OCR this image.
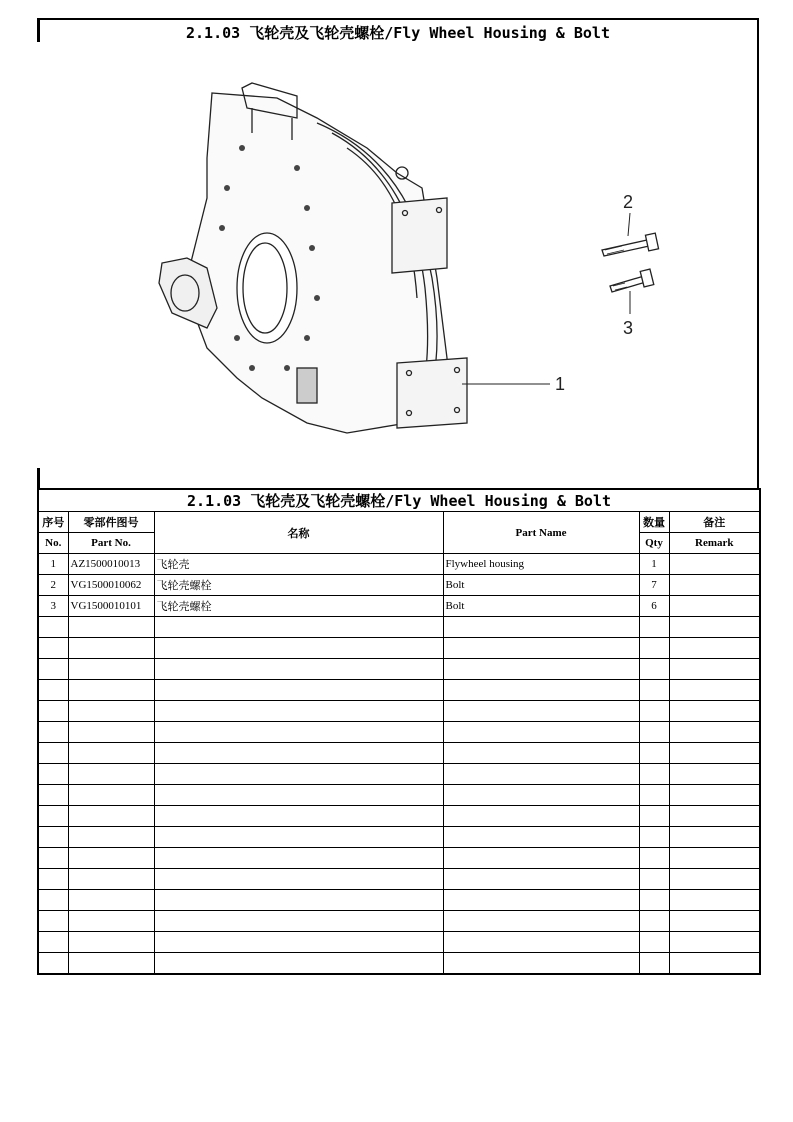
2.1.03 飞轮壳及飞轮壳螺栓/Fly Wheel Housing & Bolt
1
2
3
2.1.03 飞轮壳及飞轮壳螺栓/Fly Wheel Housing & Bolt					
序号	零部件图号	名称	Part Name	数量	备注
No.	Part No.			Qty	Remark
1	AZ1500010013	飞轮壳	Flywheel housing	1	
2	VG1500010062	飞轮壳螺栓	Bolt	7	
3	VG1500010101	飞轮壳螺栓	Bolt	6	
